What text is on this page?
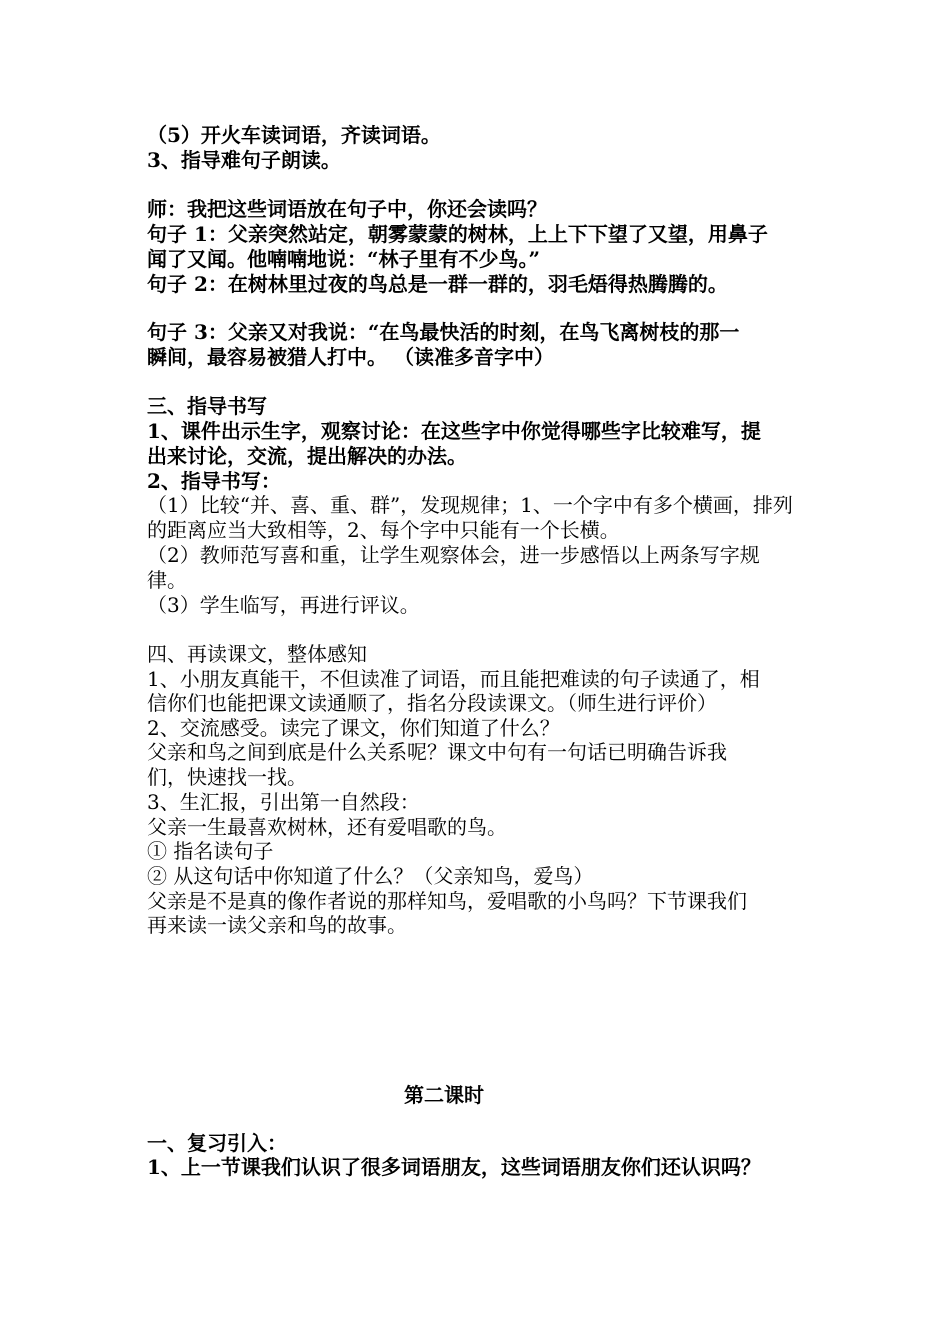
（5）开火车读词语，齐读词语。
3、指导难句子朗读。
师：我把这些词语放在句子中，你还会读吗？
句子 1：父亲突然站定，朝雾蒙蒙的树林，上上下下望了又望，用鼻子
闻了又闻。他喃喃地说：“林子里有不少鸟。”
句子 2：在树林里过夜的鸟总是一群一群的，羽毛焐得热腾腾的。
句子 3：父亲又对我说：“在鸟最快活的时刻，在鸟飞离树枝的那一
瞬间，最容易被猎人打中。 （读准多音字中）
三、指导书写
1、课件出示生字，观察讨论：在这些字中你觉得哪些字比较难写，提
出来讨论，交流，提出解决的办法。
2、指导书写：
（1）比较“并、喜、重、群”，发现规律；1、一个字中有多个横画，排列
的距离应当大致相等，2、每个字中只能有一个长横。
（2）教师范写喜和重，让学生观察体会，进一步感悟以上两条写字规
律。
（3）学生临写，再进行评议。
四、再读课文，整体感知
1、小朋友真能干，不但读准了词语，而且能把难读的句子读通了，相
信你们也能把课文读通顺了，指名分段读课文。（师生进行评价）
2、交流感受。读完了课文，你们知道了什么？
父亲和鸟之间到底是什么关系呢？课文中句有一句话已明确告诉我
们，快速找一找。
3、生汇报，引出第一自然段：
父亲一生最喜欢树林，还有爱唱歌的鸟。
① 指名读句子
② 从这句话中你知道了什么？（父亲知鸟，爱鸟）
父亲是不是真的像作者说的那样知鸟，爱唱歌的小鸟吗？下节课我们
再来读一读父亲和鸟的故事。
第二课时
一、复习引入：
1、上一节课我们认识了很多词语朋友，这些词语朋友你们还认识吗？
